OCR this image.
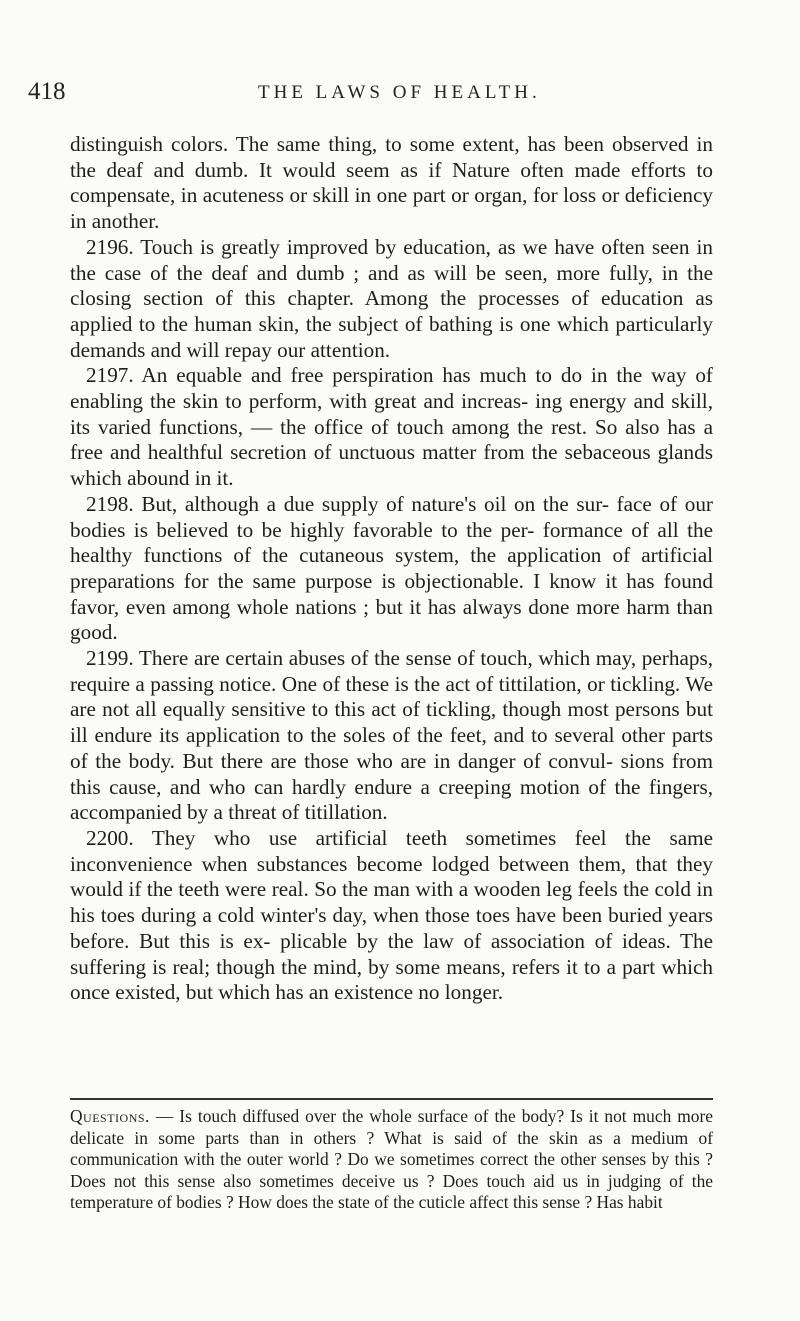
418	THE LAWS OF HEALTH.

distinguish colors. The same thing, to some extent, has been observed in the deaf and dumb. It would seem as if Nature often made efforts to compensate, in acuteness or skill in one part or organ, for loss or deficiency in another.

2196. Touch is greatly improved by education, as we have often seen in the case of the deaf and dumb ; and as will be seen, more fully, in the closing section of this chapter. Among the processes of education as applied to the human skin, the subject of bathing is one which particularly demands and will repay our attention.

2197. An equable and free perspiration has much to do in the way of enabling the skin to perform, with great and increas- ing energy and skill, its varied functions, — the office of touch among the rest. So also has a free and healthful secretion of unctuous matter from the sebaceous glands which abound in it.

2198. But, although a due supply of nature's oil on the sur- face of our bodies is believed to be highly favorable to the per- formance of all the healthy functions of the cutaneous system, the application of artificial preparations for the same purpose is objectionable. I know it has found favor, even among whole nations ; but it has always done more harm than good.

2199. There are certain abuses of the sense of touch, which may, perhaps, require a passing notice. One of these is the act of tittilation, or tickling. We are not all equally sensitive to this act of tickling, though most persons but ill endure its application to the soles of the feet, and to several other parts of the body. But there are those who are in danger of convul- sions from this cause, and who can hardly endure a creeping motion of the fingers, accompanied by a threat of titillation.

2200. They who use artificial teeth sometimes feel the same inconvenience when substances become lodged between them, that they would if the teeth were real. So the man with a wooden leg feels the cold in his toes during a cold winter's day, when those toes have been buried years before. But this is ex- plicable by the law of association of ideas. The suffering is real; though the mind, by some means, refers it to a part which once existed, but which has an existence no longer.

Questions. — Is touch diffused over the whole surface of the body? Is it not much more delicate in some parts than in others ? What is said of the skin as a medium of communication with the outer world ? Do we sometimes correct the other senses by this ? Does not this sense also sometimes deceive us ? Does touch aid us in judging of the temperature of bodies ? How does the state of the cuticle affect this sense ? Has habit
